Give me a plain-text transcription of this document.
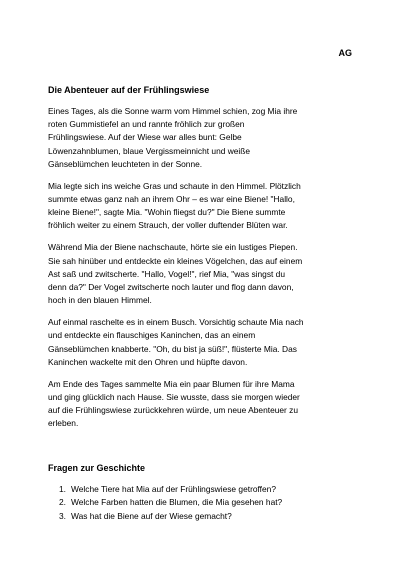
AG
Die Abenteuer auf der Frühlingswiese

Eines Tages, als die Sonne warm vom Himmel schien, zog Mia ihre
roten Gummistiefel an und rannte fröhlich zur großen
Frühlingswiese. Auf der Wiese war alles bunt: Gelbe
Löwenzahnblumen, blaue Vergissmeinnicht und weiße
Gänseblümchen leuchteten in der Sonne.

Mia legte sich ins weiche Gras und schaute in den Himmel. Plötzlich
summte etwas ganz nah an ihrem Ohr – es war eine Biene! "Hallo,
kleine Biene!", sagte Mia. "Wohin fliegst du?" Die Biene summte
fröhlich weiter zu einem Strauch, der voller duftender Blüten war.

Während Mia der Biene nachschaute, hörte sie ein lustiges Piepen.
Sie sah hinüber und entdeckte ein kleines Vögelchen, das auf einem
Ast saß und zwitscherte. "Hallo, Vogel!", rief Mia, "was singst du
denn da?" Der Vogel zwitscherte noch lauter und flog dann davon,
hoch in den blauen Himmel.

Auf einmal raschelte es in einem Busch. Vorsichtig schaute Mia nach
und entdeckte ein flauschiges Kaninchen, das an einem
Gänseblümchen knabberte. "Oh, du bist ja süß!", flüsterte Mia. Das
Kaninchen wackelte mit den Ohren und hüpfte davon.

Am Ende des Tages sammelte Mia ein paar Blumen für ihre Mama
und ging glücklich nach Hause. Sie wusste, dass sie morgen wieder
auf die Frühlingswiese zurückkehren würde, um neue Abenteuer zu
erleben.

Fragen zur Geschichte
1. Welche Tiere hat Mia auf der Frühlingswiese getroffen?
2. Welche Farben hatten die Blumen, die Mia gesehen hat?
3. Was hat die Biene auf der Wiese gemacht?
